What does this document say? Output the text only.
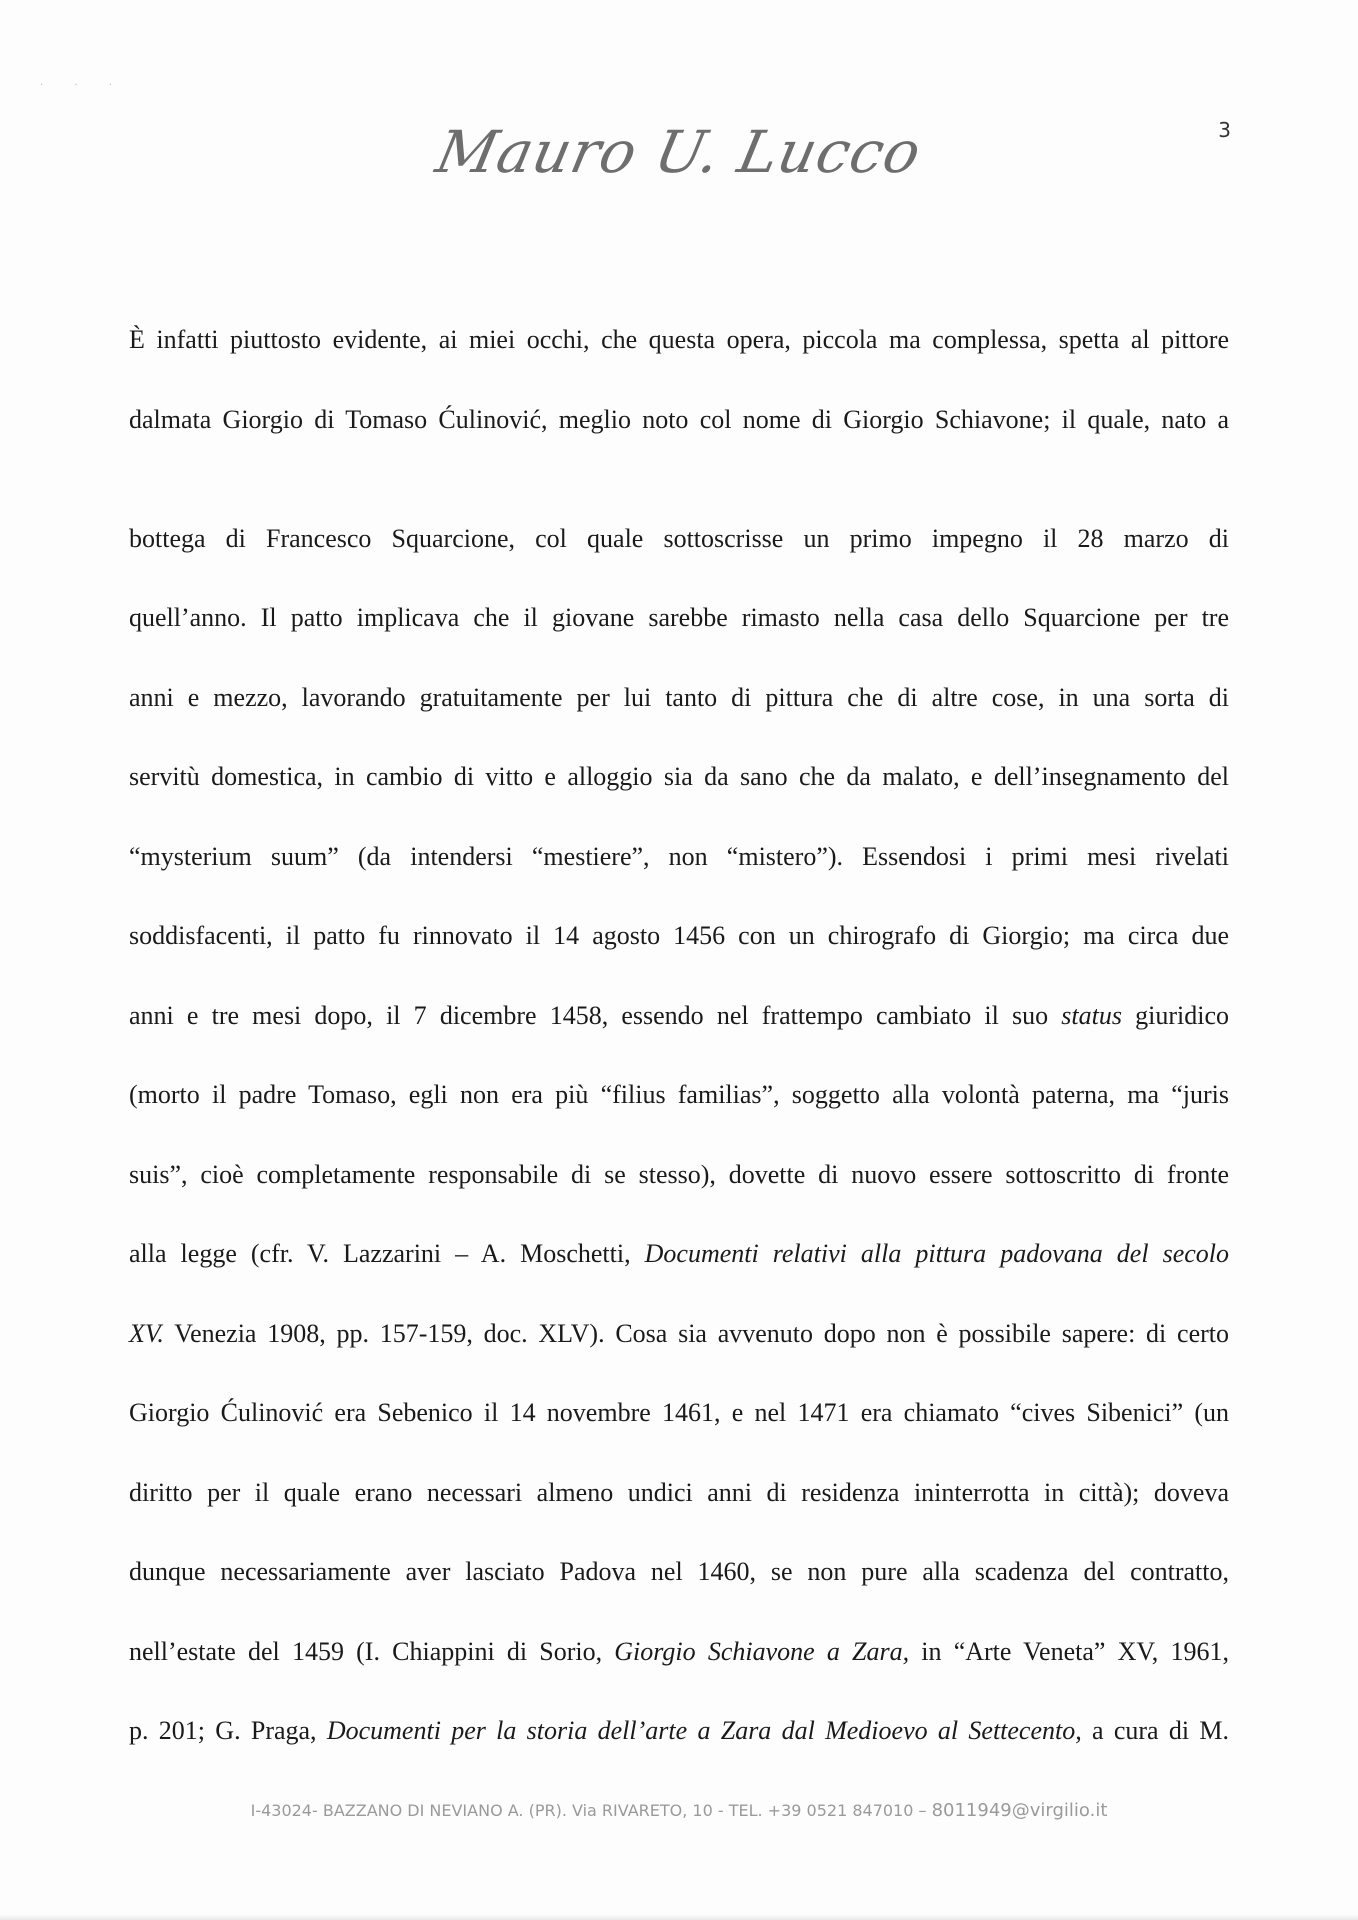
· · ·
3
Mauro U. Lucco
È infatti piuttosto evidente, ai miei occhi, che questa opera, piccola ma complessa, spetta al pittore
dalmata Giorgio di Tomaso Ćulinović, meglio noto col nome di Giorgio Schiavone; il quale, nato a
bottega di Francesco Squarcione, col quale sottoscrisse un primo impegno il 28 marzo di
quell’anno. Il patto implicava che il giovane sarebbe rimasto nella casa dello Squarcione per tre
anni e mezzo, lavorando gratuitamente per lui tanto di pittura che di altre cose, in una sorta di
servitù domestica, in cambio di vitto e alloggio sia da sano che da malato, e dell’insegnamento del
“mysterium suum” (da intendersi “mestiere”, non “mistero”). Essendosi i primi mesi rivelati
soddisfacenti, il patto fu rinnovato il 14 agosto 1456 con un chirografo di Giorgio; ma circa due
anni e tre mesi dopo, il 7 dicembre 1458, essendo nel frattempo cambiato il suo status giuridico
(morto il padre Tomaso, egli non era più “filius familias”, soggetto alla volontà paterna, ma “juris
suis”, cioè completamente responsabile di se stesso), dovette di nuovo essere sottoscritto di fronte
alla legge (cfr. V. Lazzarini – A. Moschetti, Documenti relativi alla pittura padovana del secolo
XV. Venezia 1908, pp. 157-159, doc. XLV). Cosa sia avvenuto dopo non è possibile sapere: di certo
Giorgio Ćulinović era Sebenico il 14 novembre 1461, e nel 1471 era chiamato “cives Sibenici” (un
diritto per il quale erano necessari almeno undici anni di residenza ininterrotta in città); doveva
dunque necessariamente aver lasciato Padova nel 1460, se non pure alla scadenza del contratto,
nell’estate del 1459 (I. Chiappini di Sorio, Giorgio Schiavone a Zara, in “Arte Veneta” XV, 1961,
p. 201; G. Praga, Documenti per la storia dell’arte a Zara dal Medioevo al Settecento, a cura di M.
I-43024- BAZZANO DI NEVIANO A. (PR). Via RIVARETO, 10 - TEL. +39 0521 847010 – 8011949@virgilio.it
